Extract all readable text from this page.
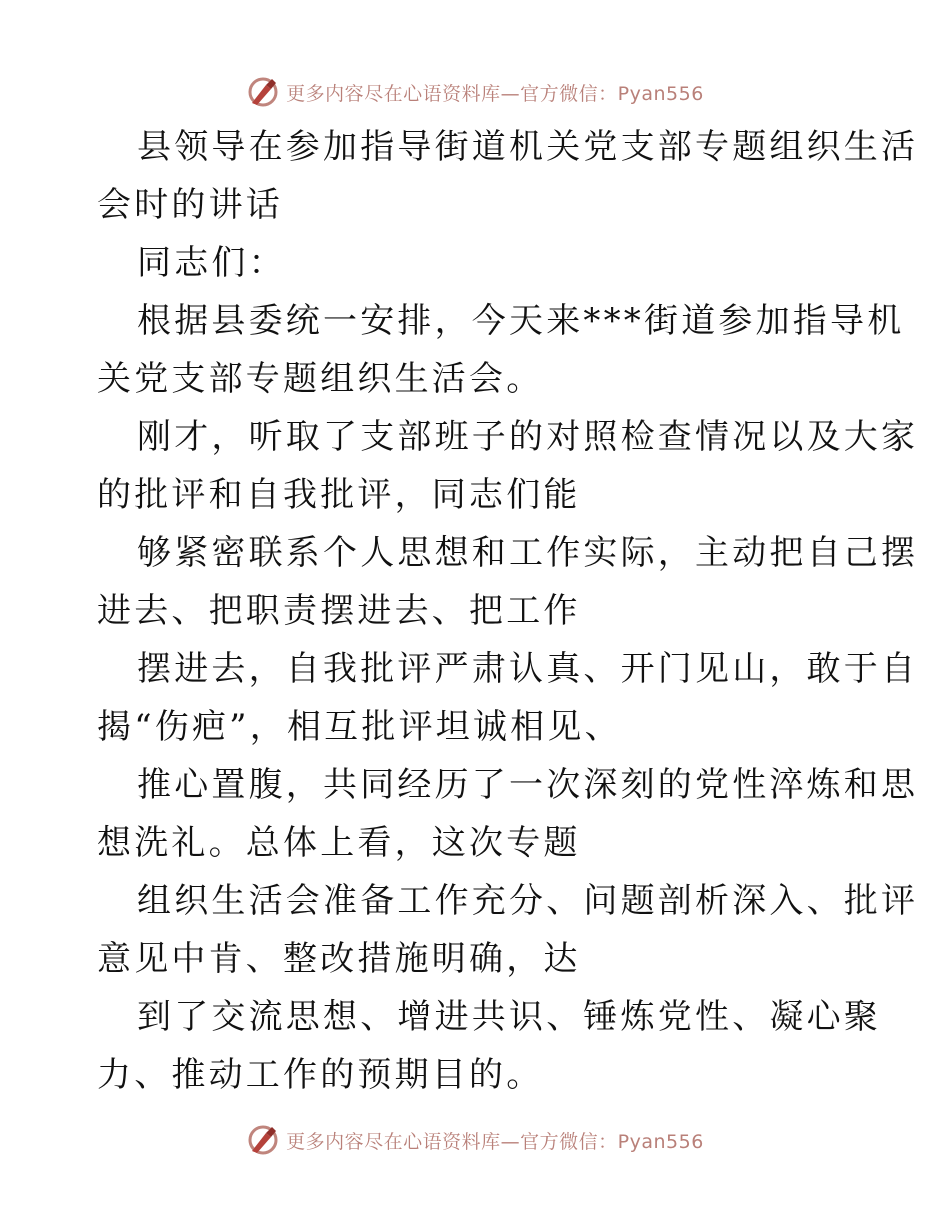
更多内容尽在心语资料库—官方微信：Pyan556

县领导在参加指导街道机关党支部专题组织生活

会时的讲话

同志们：

根据县委统一安排，今天来***街道参加指导机

关党支部专题组织生活会。

刚才，听取了支部班子的对照检查情况以及大家

的批评和自我批评，同志们能

够紧密联系个人思想和工作实际，主动把自己摆

进去、把职责摆进去、把工作

摆进去，自我批评严肃认真、开门见山，敢于自

揭“伤疤”，相互批评坦诚相见、

推心置腹，共同经历了一次深刻的党性淬炼和思

想洗礼。总体上看，这次专题

组织生活会准备工作充分、问题剖析深入、批评

意见中肯、整改措施明确，达

到了交流思想、增进共识、锤炼党性、凝心聚

力、推动工作的预期目的。

更多内容尽在心语资料库—官方微信：Pyan556
